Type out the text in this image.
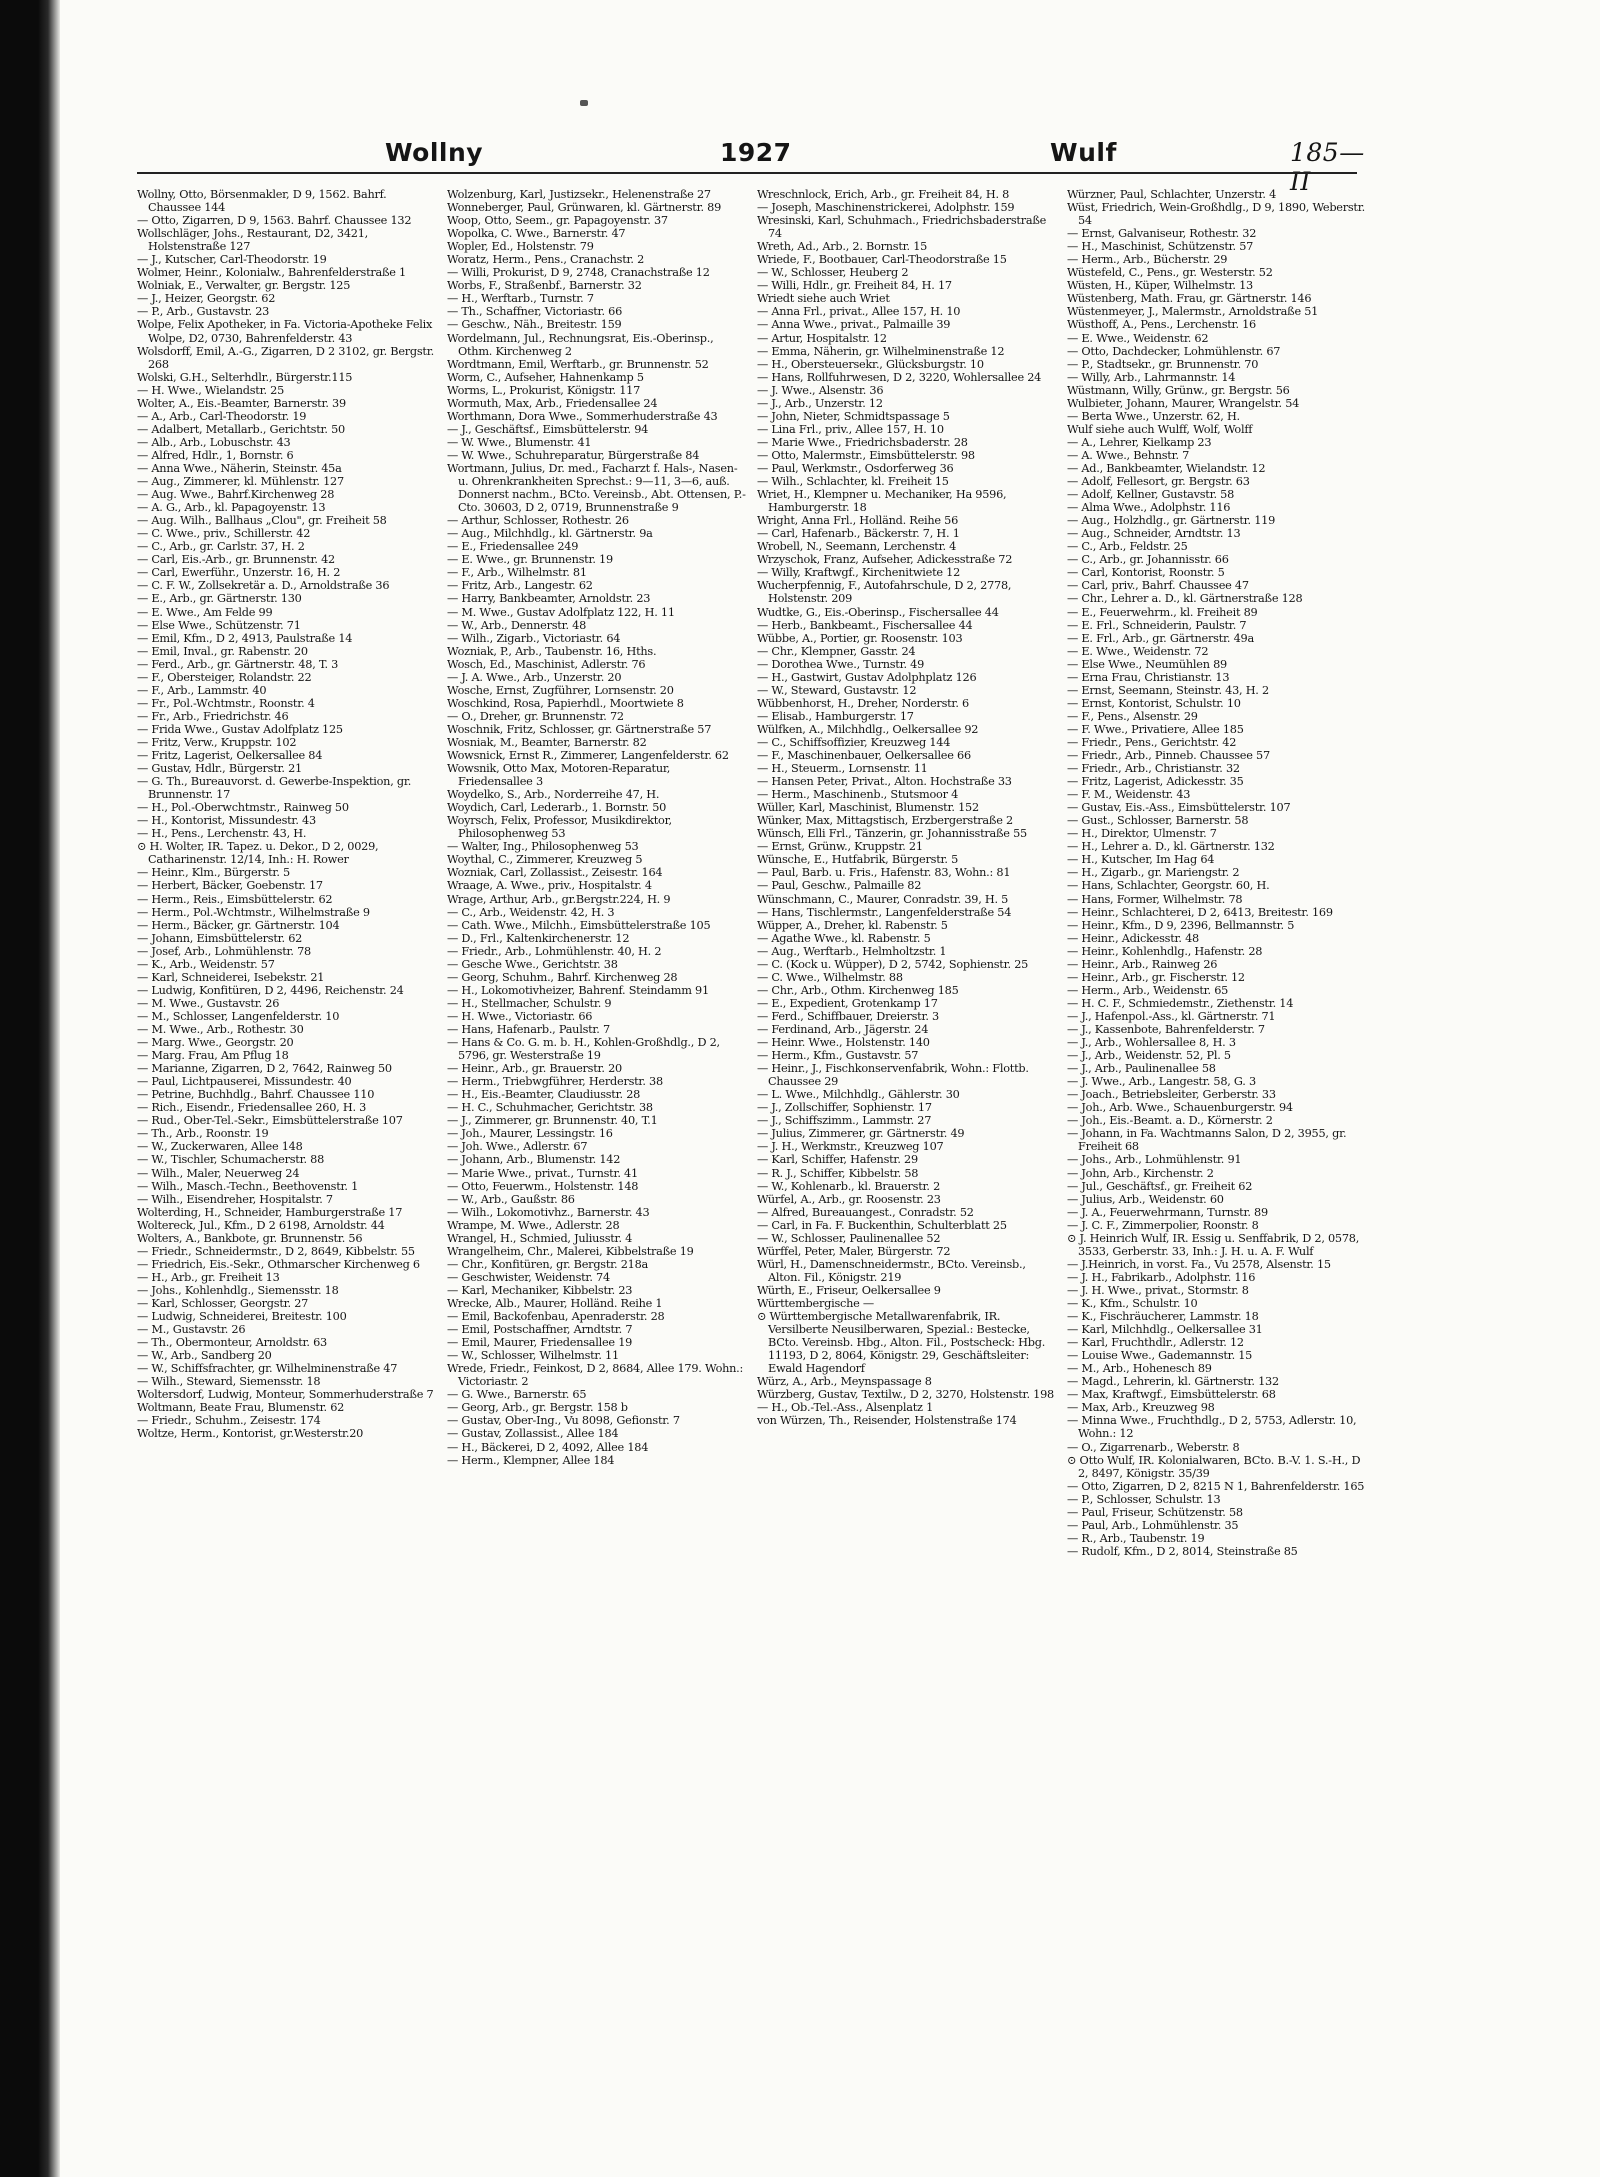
Wollny	1927	Wulf	185—II

Wollny, Otto, Börsenmakler, D 9, 1562. Bahrf. Chaussee 144

— Otto, Zigarren, D 9, 1563. Bahrf. Chaussee 132

Wollschläger, Johs., Restaurant, D2, 3421, Holstenstraße 127

— J., Kutscher, Carl-Theodorstr. 19

Wolmer, Heinr., Kolonialw., Bahrenfelderstraße 1

Wolniak, E., Verwalter, gr. Bergstr. 125

— J., Heizer, Georgstr. 62

— P., Arb., Gustavstr. 23

Wolpe, Felix Apotheker, in Fa. Victoria-Apotheke Felix Wolpe, D2, 0730, Bahrenfelderstr. 43

Wolsdorff, Emil, A.-G., Zigarren, D 2 3102, gr. Bergstr. 268

Wolski, G.H., Selterhdlr., Bürgerstr.115

— H. Wwe., Wielandstr. 25

Wolter, A., Eis.-Beamter, Barnerstr. 39

— A., Arb., Carl-Theodorstr. 19

— Adalbert, Metallarb., Gerichtstr. 50

— Alb., Arb., Lobuschstr. 43

— Alfred, Hdlr., 1, Bornstr. 6

— Anna Wwe., Näherin, Steinstr. 45a

— Aug., Zimmerer, kl. Mühlenstr. 127

— Aug. Wwe., Bahrf.Kirchenweg 28

— A. G., Arb., kl. Papagoyenstr. 13

— Aug. Wilh., Ballhaus „Clou", gr. Freiheit 58

— C. Wwe., priv., Schillerstr. 42

— C., Arb., gr. Carlstr. 37, H. 2

— Carl, Eis.-Arb., gr. Brunnenstr. 42

— Carl, Ewerführ., Unzerstr. 16, H. 2

— C. F. W., Zollsekretär a. D., Arnoldstraße 36

— E., Arb., gr. Gärtnerstr. 130

— E. Wwe., Am Felde 99

— Else Wwe., Schützenstr. 71

— Emil, Kfm., D 2, 4913, Paulstraße 14

— Emil, Inval., gr. Rabenstr. 20

— Ferd., Arb., gr. Gärtnerstr. 48, T. 3

— F., Obersteiger, Rolandstr. 22

— F., Arb., Lammstr. 40

— Fr., Pol.-Wchtmstr., Roonstr. 4

— Fr., Arb., Friedrichstr. 46

— Frida Wwe., Gustav Adolfplatz 125

— Fritz, Verw., Kruppstr. 102

— Fritz, Lagerist, Oelkersallee 84

— Gustav, Hdlr., Bürgerstr. 21

— G. Th., Bureauvorst. d. Gewerbe-Inspektion, gr. Brunnenstr. 17

— H., Pol.-Oberwchtmstr., Rainweg 50

— H., Kontorist, Missundestr. 43

— H., Pens., Lerchenstr. 43, H.

⊙ H. Wolter, IR. Tapez. u. Dekor., D 2, 0029, Catharinenstr. 12/14, Inh.: H. Rower

— Heinr., Klm., Bürgerstr. 5

— Herbert, Bäcker, Goebenstr. 17

— Herm., Reis., Eimsbüttelerstr. 62

— Herm., Pol.-Wchtmstr., Wilhelmstraße 9

— Herm., Bäcker, gr. Gärtnerstr. 104

— Johann, Eimsbüttelerstr. 62

— Josef, Arb., Lohmühlenstr. 78

— K., Arb., Weidenstr. 57

— Karl, Schneiderei, Isebekstr. 21

— Ludwig, Konfitüren, D 2, 4496, Reichenstr. 24

— M. Wwe., Gustavstr. 26

— M., Schlosser, Langenfelderstr. 10

— M. Wwe., Arb., Rothestr. 30

— Marg. Wwe., Georgstr. 20

— Marg. Frau, Am Pflug 18

— Marianne, Zigarren, D 2, 7642, Rainweg 50

— Paul, Lichtpauserei, Missundestr. 40

— Petrine, Buchhdlg., Bahrf. Chaussee 110

— Rich., Eisendr., Friedensallee 260, H. 3

— Rud., Ober-Tel.-Sekr., Eimsbüttelerstraße 107

— Th., Arb., Roonstr. 19

— W., Zuckerwaren, Allee 148

— W., Tischler, Schumacherstr. 88

— Wilh., Maler, Neuerweg 24

— Wilh., Masch.-Techn., Beethovenstr. 1

— Wilh., Eisendreher, Hospitalstr. 7

Wolterding, H., Schneider, Hamburgerstraße 17

Woltereck, Jul., Kfm., D 2 6198, Arnoldstr. 44

Wolters, A., Bankbote, gr. Brunnenstr. 56

— Friedr., Schneidermstr., D 2, 8649, Kibbelstr. 55

— Friedrich, Eis.-Sekr., Othmarscher Kirchenweg 6

— H., Arb., gr. Freiheit 13

— Johs., Kohlenhdlg., Siemensstr. 18

— Karl, Schlosser, Georgstr. 27

— Ludwig, Schneiderei, Breitestr. 100

— M., Gustavstr. 26

— Th., Obermonteur, Arnoldstr. 63

— W., Arb., Sandberg 20

— W., Schiffsfrachter, gr. Wilhelminenstraße 47

— Wilh., Steward, Siemensstr. 18

Woltersdorf, Ludwig, Monteur, Sommerhuderstraße 7

Woltmann, Beate Frau, Blumenstr. 62

— Friedr., Schuhm., Zeisestr. 174

Woltze, Herm., Kontorist, gr.Westerstr.20

Wolzenburg, Karl, Justizsekr., Helenenstraße 27

Wonneberger, Paul, Grünwaren, kl. Gärtnerstr. 89

Woop, Otto, Seem., gr. Papagoyenstr. 37

Wopolka, C. Wwe., Barnerstr. 47

Wopler, Ed., Holstenstr. 79

Woratz, Herm., Pens., Cranachstr. 2

— Willi, Prokurist, D 9, 2748, Cranachstraße 12

Worbs, F., Straßenbf., Barnerstr. 32

— H., Werftarb., Turnstr. 7

— Th., Schaffner, Victoriastr. 66

— Geschw., Näh., Breitestr. 159

Wordelmann, Jul., Rechnungsrat, Eis.-Oberinsp., Othm. Kirchenweg 2

Wordtmann, Emil, Werftarb., gr. Brunnenstr. 52

Worm, C., Aufseher, Hahnenkamp 5

Worms, L., Prokurist, Königstr. 117

Wormuth, Max, Arb., Friedensallee 24

Worthmann, Dora Wwe., Sommerhuderstraße 43

— J., Geschäftsf., Eimsbüttelerstr. 94

— W. Wwe., Blumenstr. 41

— W. Wwe., Schuhreparatur, Bürgerstraße 84

Wortmann, Julius, Dr. med., Facharzt f. Hals-, Nasen- u. Ohrenkrankheiten Sprechst.: 9—11, 3—6, auß. Donnerst nachm., BCto. Vereinsb., Abt. Ottensen, P.-Cto. 30603, D 2, 0719, Brunnenstraße 9

— Arthur, Schlosser, Rothestr. 26

— Aug., Milchhdlg., kl. Gärtnerstr. 9a

— E., Friedensallee 249

— E. Wwe., gr. Brunnenstr. 19

— F., Arb., Wilhelmstr. 81

— Fritz, Arb., Langestr. 62

— Harry, Bankbeamter, Arnoldstr. 23

— M. Wwe., Gustav Adolfplatz 122, H. 11

— W., Arb., Dennerstr. 48

— Wilh., Zigarb., Victoriastr. 64

Wozniak, P., Arb., Taubenstr. 16, Hths.

Wosch, Ed., Maschinist, Adlerstr. 76

— J. A. Wwe., Arb., Unzerstr. 20

Wosche, Ernst, Zugführer, Lornsenstr. 20

Woschkind, Rosa, Papierhdl., Moortwiete 8

— O., Dreher, gr. Brunnenstr. 72

Woschnik, Fritz, Schlosser, gr. Gärtnerstraße 57

Wosniak, M., Beamter, Barnerstr. 82

Wowsnick, Ernst R., Zimmerer, Langenfelderstr. 62

Wowsnik, Otto Max, Motoren-Reparatur, Friedensallee 3

Woydelko, S., Arb., Norderreihe 47, H.

Woydich, Carl, Lederarb., 1. Bornstr. 50

Woyrsch, Felix, Professor, Musikdirektor, Philosophenweg 53

— Walter, Ing., Philosophenweg 53

Woythal, C., Zimmerer, Kreuzweg 5

Wozniak, Carl, Zollassist., Zeisestr. 164

Wraage, A. Wwe., priv., Hospitalstr. 4

Wrage, Arthur, Arb., gr.Bergstr.224, H. 9

— C., Arb., Weidenstr. 42, H. 3

— Cath. Wwe., Milchh., Eimsbüttelerstraße 105

— D., Frl., Kaltenkirchenerstr. 12

— Friedr., Arb., Lohmühlenstr. 40, H. 2

— Gesche Wwe., Gerichtstr. 38

— Georg, Schuhm., Bahrf. Kirchenweg 28

— H., Lokomotivheizer, Bahrenf. Steindamm 91

— H., Stellmacher, Schulstr. 9

— H. Wwe., Victoriastr. 66

— Hans, Hafenarb., Paulstr. 7

— Hans & Co. G. m. b. H., Kohlen-Großhdlg., D 2, 5796, gr. Westerstraße 19

— Heinr., Arb., gr. Brauerstr. 20

— Herm., Triebwgführer, Herderstr. 38

— H., Eis.-Beamter, Claudiusstr. 28

— H. C., Schuhmacher, Gerichtstr. 38

— J., Zimmerer, gr. Brunnenstr. 40, T.1

— Joh., Maurer, Lessingstr. 16

— Joh. Wwe., Adlerstr. 67

— Johann, Arb., Blumenstr. 142

— Marie Wwe., privat., Turnstr. 41

— Otto, Feuerwm., Holstenstr. 148

— W., Arb., Gaußstr. 86

— Wilh., Lokomotivhz., Barnerstr. 43

Wrampe, M. Wwe., Adlerstr. 28

Wrangel, H., Schmied, Juliusstr. 4

Wrangelheim, Chr., Malerei, Kibbelstraße 19

— Chr., Konfitüren, gr. Bergstr. 218a

— Geschwister, Weidenstr. 74

— Karl, Mechaniker, Kibbelstr. 23

Wrecke, Alb., Maurer, Holländ. Reihe 1

— Emil, Backofenbau, Apenraderstr. 28

— Emil, Postschaffner, Arndtstr. 7

— Emil, Maurer, Friedensallee 19

— W., Schlosser, Wilhelmstr. 11

Wrede, Friedr., Feinkost, D 2, 8684, Allee 179. Wohn.: Victoriastr. 2

— G. Wwe., Barnerstr. 65

— Georg, Arb., gr. Bergstr. 158 b

— Gustav, Ober-Ing., Vu 8098, Gefionstr. 7

— Gustav, Zollassist., Allee 184

— H., Bäckerei, D 2, 4092, Allee 184

— Herm., Klempner, Allee 184

Wreschnlock, Erich, Arb., gr. Freiheit 84, H. 8

— Joseph, Maschinenstrickerei, Adolphstr. 159

Wresinski, Karl, Schuhmach., Friedrichsbaderstraße 74

Wreth, Ad., Arb., 2. Bornstr. 15

Wriede, F., Bootbauer, Carl-Theodorstraße 15

— W., Schlosser, Heuberg 2

— Willi, Hdlr., gr. Freiheit 84, H. 17

Wriedt siehe auch Wriet

— Anna Frl., privat., Allee 157, H. 10

— Anna Wwe., privat., Palmaille 39

— Artur, Hospitalstr. 12

— Emma, Näherin, gr. Wilhelminenstraße 12

— H., Obersteuersekr., Glücksburgstr. 10

— Hans, Rollfuhrwesen, D 2, 3220, Wohlersallee 24

— J. Wwe., Alsenstr. 36

— J., Arb., Unzerstr. 12

— John, Nieter, Schmidtspassage 5

— Lina Frl., priv., Allee 157, H. 10

— Marie Wwe., Friedrichsbaderstr. 28

— Otto, Malermstr., Eimsbüttelerstr. 98

— Paul, Werkmstr., Osdorferweg 36

— Wilh., Schlachter, kl. Freiheit 15

Wriet, H., Klempner u. Mechaniker, Ha 9596, Hamburgerstr. 18

Wright, Anna Frl., Holländ. Reihe 56

— Carl, Hafenarb., Bäckerstr. 7, H. 1

Wrobell, N., Seemann, Lerchenstr. 4

Wrzyschok, Franz, Aufseher, Adickesstraße 72

— Willy, Kraftwgf., Kirchenitwiete 12

Wucherpfennig, F., Autofahrschule, D 2, 2778, Holstenstr. 209

Wudtke, G., Eis.-Oberinsp., Fischersallee 44

— Herb., Bankbeamt., Fischersallee 44

Wübbe, A., Portier, gr. Roosenstr. 103

— Chr., Klempner, Gasstr. 24

— Dorothea Wwe., Turnstr. 49

— H., Gastwirt, Gustav Adolphplatz 126

— W., Steward, Gustavstr. 12

Wübbenhorst, H., Dreher, Norderstr. 6

— Elisab., Hamburgerstr. 17

Wülfken, A., Milchhdlg., Oelkersallee 92

— C., Schiffsoffizier, Kreuzweg 144

— F., Maschinenbauer, Oelkersallee 66

— H., Steuerm., Lornsenstr. 11

— Hansen Peter, Privat., Alton. Hochstraße 33

— Herm., Maschinenb., Stutsmoor 4

Wüller, Karl, Maschinist, Blumenstr. 152

Wünker, Max, Mittagstisch, Erzbergerstraße 2

Wünsch, Elli Frl., Tänzerin, gr. Johannisstraße 55

— Ernst, Grünw., Kruppstr. 21

Wünsche, E., Hutfabrik, Bürgerstr. 5

— Paul, Barb. u. Fris., Hafenstr. 83, Wohn.: 81

— Paul, Geschw., Palmaille 82

Wünschmann, C., Maurer, Conradstr. 39, H. 5

— Hans, Tischlermstr., Langenfelderstraße 54

Wüpper, A., Dreher, kl. Rabenstr. 5

— Agathe Wwe., kl. Rabenstr. 5

— Aug., Werftarb., Helmholtzstr. 1

— C. (Kock u. Wüpper), D 2, 5742, Sophienstr. 25

— C. Wwe., Wilhelmstr. 88

— Chr., Arb., Othm. Kirchenweg 185

— E., Expedient, Grotenkamp 17

— Ferd., Schiffbauer, Dreierstr. 3

— Ferdinand, Arb., Jägerstr. 24

— Heinr. Wwe., Holstenstr. 140

— Herm., Kfm., Gustavstr. 57

— Heinr., J., Fischkonservenfabrik, Wohn.: Flottb. Chaussee 29

— L. Wwe., Milchhdlg., Gählerstr. 30

— J., Zollschiffer, Sophienstr. 17

— J., Schiffszimm., Lammstr. 27

— Julius, Zimmerer, gr. Gärtnerstr. 49

— J. H., Werkmstr., Kreuzweg 107

— Karl, Schiffer, Hafenstr. 29

— R. J., Schiffer, Kibbelstr. 58

— W., Kohlenarb., kl. Brauerstr. 2

Würfel, A., Arb., gr. Roosenstr. 23

— Alfred, Bureauangest., Conradstr. 52

— Carl, in Fa. F. Buckenthin, Schulterblatt 25

— W., Schlosser, Paulinenallee 52

Würffel, Peter, Maler, Bürgerstr. 72

Würl, H., Damenschneidermstr., BCto. Vereinsb., Alton. Fil., Königstr. 219

Würth, E., Friseur, Oelkersallee 9

Württembergische —

⊙ Württembergische Metallwarenfabrik, IR. Versilberte Neusilberwaren, Spezial.: Bestecke, BCto. Vereinsb. Hbg., Alton. Fil., Postscheck: Hbg. 11193, D 2, 8064, Königstr. 29, Geschäftsleiter: Ewald Hagendorf

Würz, A., Arb., Meynspassage 8

Würzberg, Gustav, Textilw., D 2, 3270, Holstenstr. 198

— H., Ob.-Tel.-Ass., Alsenplatz 1

von Würzen, Th., Reisender, Holstenstraße 174

Würzner, Paul, Schlachter, Unzerstr. 4

Wüst, Friedrich, Wein-Großhdlg., D 9, 1890, Weberstr. 54

— Ernst, Galvaniseur, Rothestr. 32

— H., Maschinist, Schützenstr. 57

— Herm., Arb., Bücherstr. 29

Wüstefeld, C., Pens., gr. Westerstr. 52

Wüsten, H., Küper, Wilhelmstr. 13

Wüstenberg, Math. Frau, gr. Gärtnerstr. 146

Wüstenmeyer, J., Malermstr., Arnoldstraße 51

Wüsthoff, A., Pens., Lerchenstr. 16

— E. Wwe., Weidenstr. 62

— Otto, Dachdecker, Lohmühlenstr. 67

— P., Stadtsekr., gr. Brunnenstr. 70

— Willy, Arb., Lahrmannstr. 14

Wüstmann, Willy, Grünw., gr. Bergstr. 56

Wulbieter, Johann, Maurer, Wrangelstr. 54

— Berta Wwe., Unzerstr. 62, H.

Wulf siehe auch Wulff, Wolf, Wolff

— A., Lehrer, Kielkamp 23

— A. Wwe., Behnstr. 7

— Ad., Bankbeamter, Wielandstr. 12

— Adolf, Fellesort, gr. Bergstr. 63

— Adolf, Kellner, Gustavstr. 58

— Alma Wwe., Adolphstr. 116

— Aug., Holzhdlg., gr. Gärtnerstr. 119

— Aug., Schneider, Arndtstr. 13

— C., Arb., Feldstr. 25

— C., Arb., gr. Johannisstr. 66

— Carl, Kontorist, Roonstr. 5

— Carl, priv., Bahrf. Chaussee 47

— Chr., Lehrer a. D., kl. Gärtnerstraße 128

— E., Feuerwehrm., kl. Freiheit 89

— E. Frl., Schneiderin, Paulstr. 7

— E. Frl., Arb., gr. Gärtnerstr. 49a

— E. Wwe., Weidenstr. 72

— Else Wwe., Neumühlen 89

— Erna Frau, Christianstr. 13

— Ernst, Seemann, Steinstr. 43, H. 2

— Ernst, Kontorist, Schulstr. 10

— F., Pens., Alsenstr. 29

— F. Wwe., Privatiere, Allee 185

— Friedr., Pens., Gerichtstr. 42

— Friedr., Arb., Pinneb. Chaussee 57

— Friedr., Arb., Christianstr. 32

— Fritz, Lagerist, Adickesstr. 35

— F. M., Weidenstr. 43

— Gustav, Eis.-Ass., Eimsbüttelerstr. 107

— Gust., Schlosser, Barnerstr. 58

— H., Direktor, Ulmenstr. 7

— H., Lehrer a. D., kl. Gärtnerstr. 132

— H., Kutscher, Im Hag 64

— H., Zigarb., gr. Mariengstr. 2

— Hans, Schlachter, Georgstr. 60, H.

— Hans, Former, Wilhelmstr. 78

— Heinr., Schlachterei, D 2, 6413, Breitestr. 169

— Heinr., Kfm., D 9, 2396, Bellmannstr. 5

— Heinr., Adickesstr. 48

— Heinr., Kohlenhdlg., Hafenstr. 28

— Heinr., Arb., Rainweg 26

— Heinr., Arb., gr. Fischerstr. 12

— Herm., Arb., Weidenstr. 65

— H. C. F., Schmiedemstr., Ziethenstr. 14

— J., Hafenpol.-Ass., kl. Gärtnerstr. 71

— J., Kassenbote, Bahrenfelderstr. 7

— J., Arb., Wohlersallee 8, H. 3

— J., Arb., Weidenstr. 52, Pl. 5

— J., Arb., Paulinenallee 58

— J. Wwe., Arb., Langestr. 58, G. 3

— Joach., Betriebsleiter, Gerberstr. 33

— Joh., Arb. Wwe., Schauenburgerstr. 94

— Joh., Eis.-Beamt. a. D., Körnerstr. 2

— Johann, in Fa. Wachtmanns Salon, D 2, 3955, gr. Freiheit 68

— Johs., Arb., Lohmühlenstr. 91

— John, Arb., Kirchenstr. 2

— Jul., Geschäftsf., gr. Freiheit 62

— Julius, Arb., Weidenstr. 60

— J. A., Feuerwehrmann, Turnstr. 89

— J. C. F., Zimmerpolier, Roonstr. 8

⊙ J. Heinrich Wulf, IR. Essig u. Senffabrik, D 2, 0578, 3533, Gerberstr. 33, Inh.: J. H. u. A. F. Wulf

— J.Heinrich, in vorst. Fa., Vu 2578, Alsenstr. 15

— J. H., Fabrikarb., Adolphstr. 116

— J. H. Wwe., privat., Stormstr. 8

— K., Kfm., Schulstr. 10

— K., Fischräucherer, Lammstr. 18

— Karl, Milchhdlg., Oelkersallee 31

— Karl, Fruchthdlr., Adlerstr. 12

— Louise Wwe., Gademannstr. 15

— M., Arb., Hohenesch 89

— Magd., Lehrerin, kl. Gärtnerstr. 132

— Max, Kraftwgf., Eimsbüttelerstr. 68

— Max, Arb., Kreuzweg 98

— Minna Wwe., Fruchthdlg., D 2, 5753, Adlerstr. 10, Wohn.: 12

— O., Zigarrenarb., Weberstr. 8

⊙ Otto Wulf, IR. Kolonialwaren, BCto. B.-V. 1. S.-H., D 2, 8497, Königstr. 35/39

— Otto, Zigarren, D 2, 8215 N 1, Bahrenfelderstr. 165

— P., Schlosser, Schulstr. 13

— Paul, Friseur, Schützenstr. 58

— Paul, Arb., Lohmühlenstr. 35

— R., Arb., Taubenstr. 19

— Rudolf, Kfm., D 2, 8014, Steinstraße 85
